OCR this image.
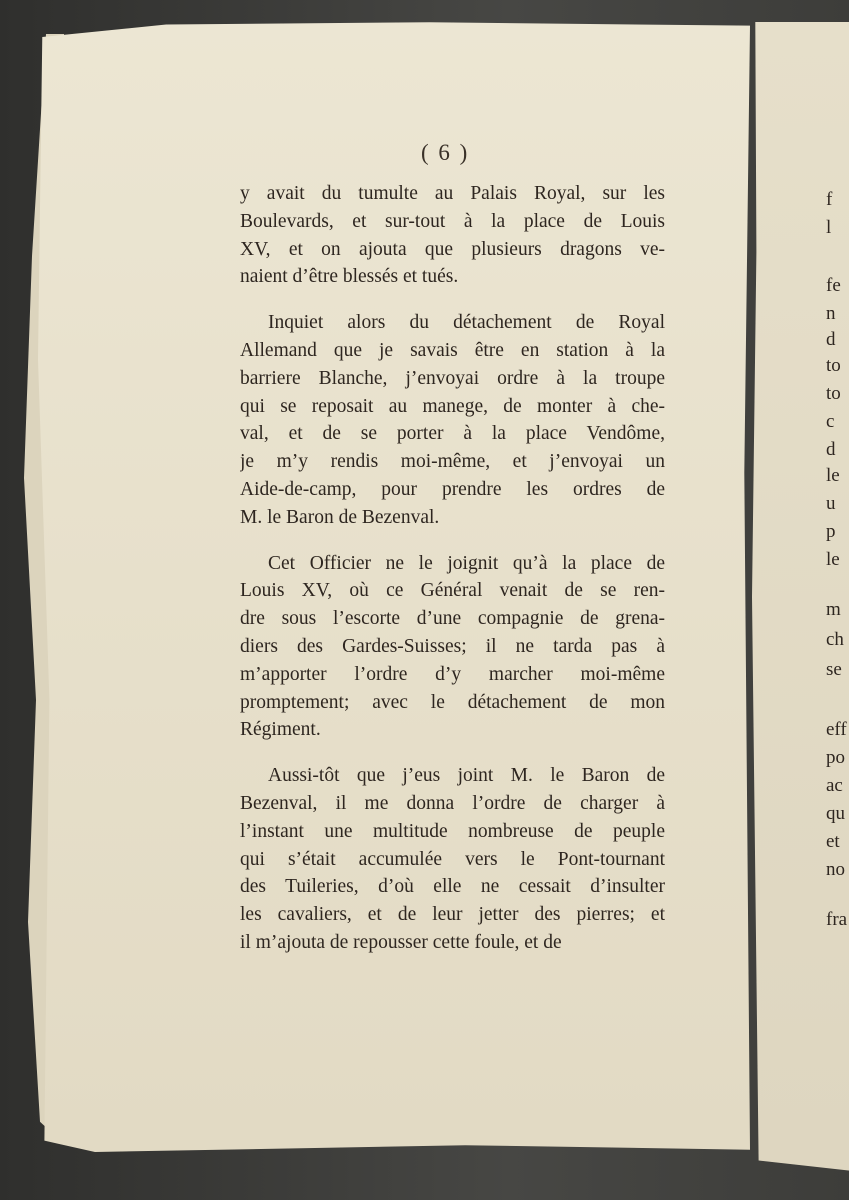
( 6 )
y avait du tumulte au Palais Royal, sur les
Boulevards, et sur-tout à la place de Louis
XV, et on ajouta que plusieurs dragons ve-
naient d’être blessés et tués.
Inquiet alors du détachement de Royal
Allemand que je savais être en station à la
barriere Blanche, j’envoyai ordre à la troupe
qui se reposait au manege, de monter à che-
val, et de se porter à la place Vendôme,
je m’y rendis moi-même, et j’envoyai un
Aide-de-camp, pour prendre les ordres de
M. le Baron de Bezenval.
Cet Officier ne le joignit qu’à la place de
Louis XV, où ce Général venait de se ren-
dre sous l’escorte d’une compagnie de grena-
diers des Gardes-Suisses; il ne tarda pas à
m’apporter l’ordre d’y marcher moi-même
promptement; avec le détachement de mon
Régiment.
Aussi-tôt que j’eus joint M. le Baron de
Bezenval, il me donna l’ordre de charger à
l’instant une multitude nombreuse de peuple
qui s’était accumulée vers le Pont-tournant
des Tuileries, d’où elle ne cessait d’insulter
les cavaliers, et de leur jetter des pierres; et
il m’ajouta de repousser cette foule, et de
f
l
fe
n
d
to
to
c
d
le
u
p
le
m
ch
se
eff
po
ac
qu
et
no
fra
